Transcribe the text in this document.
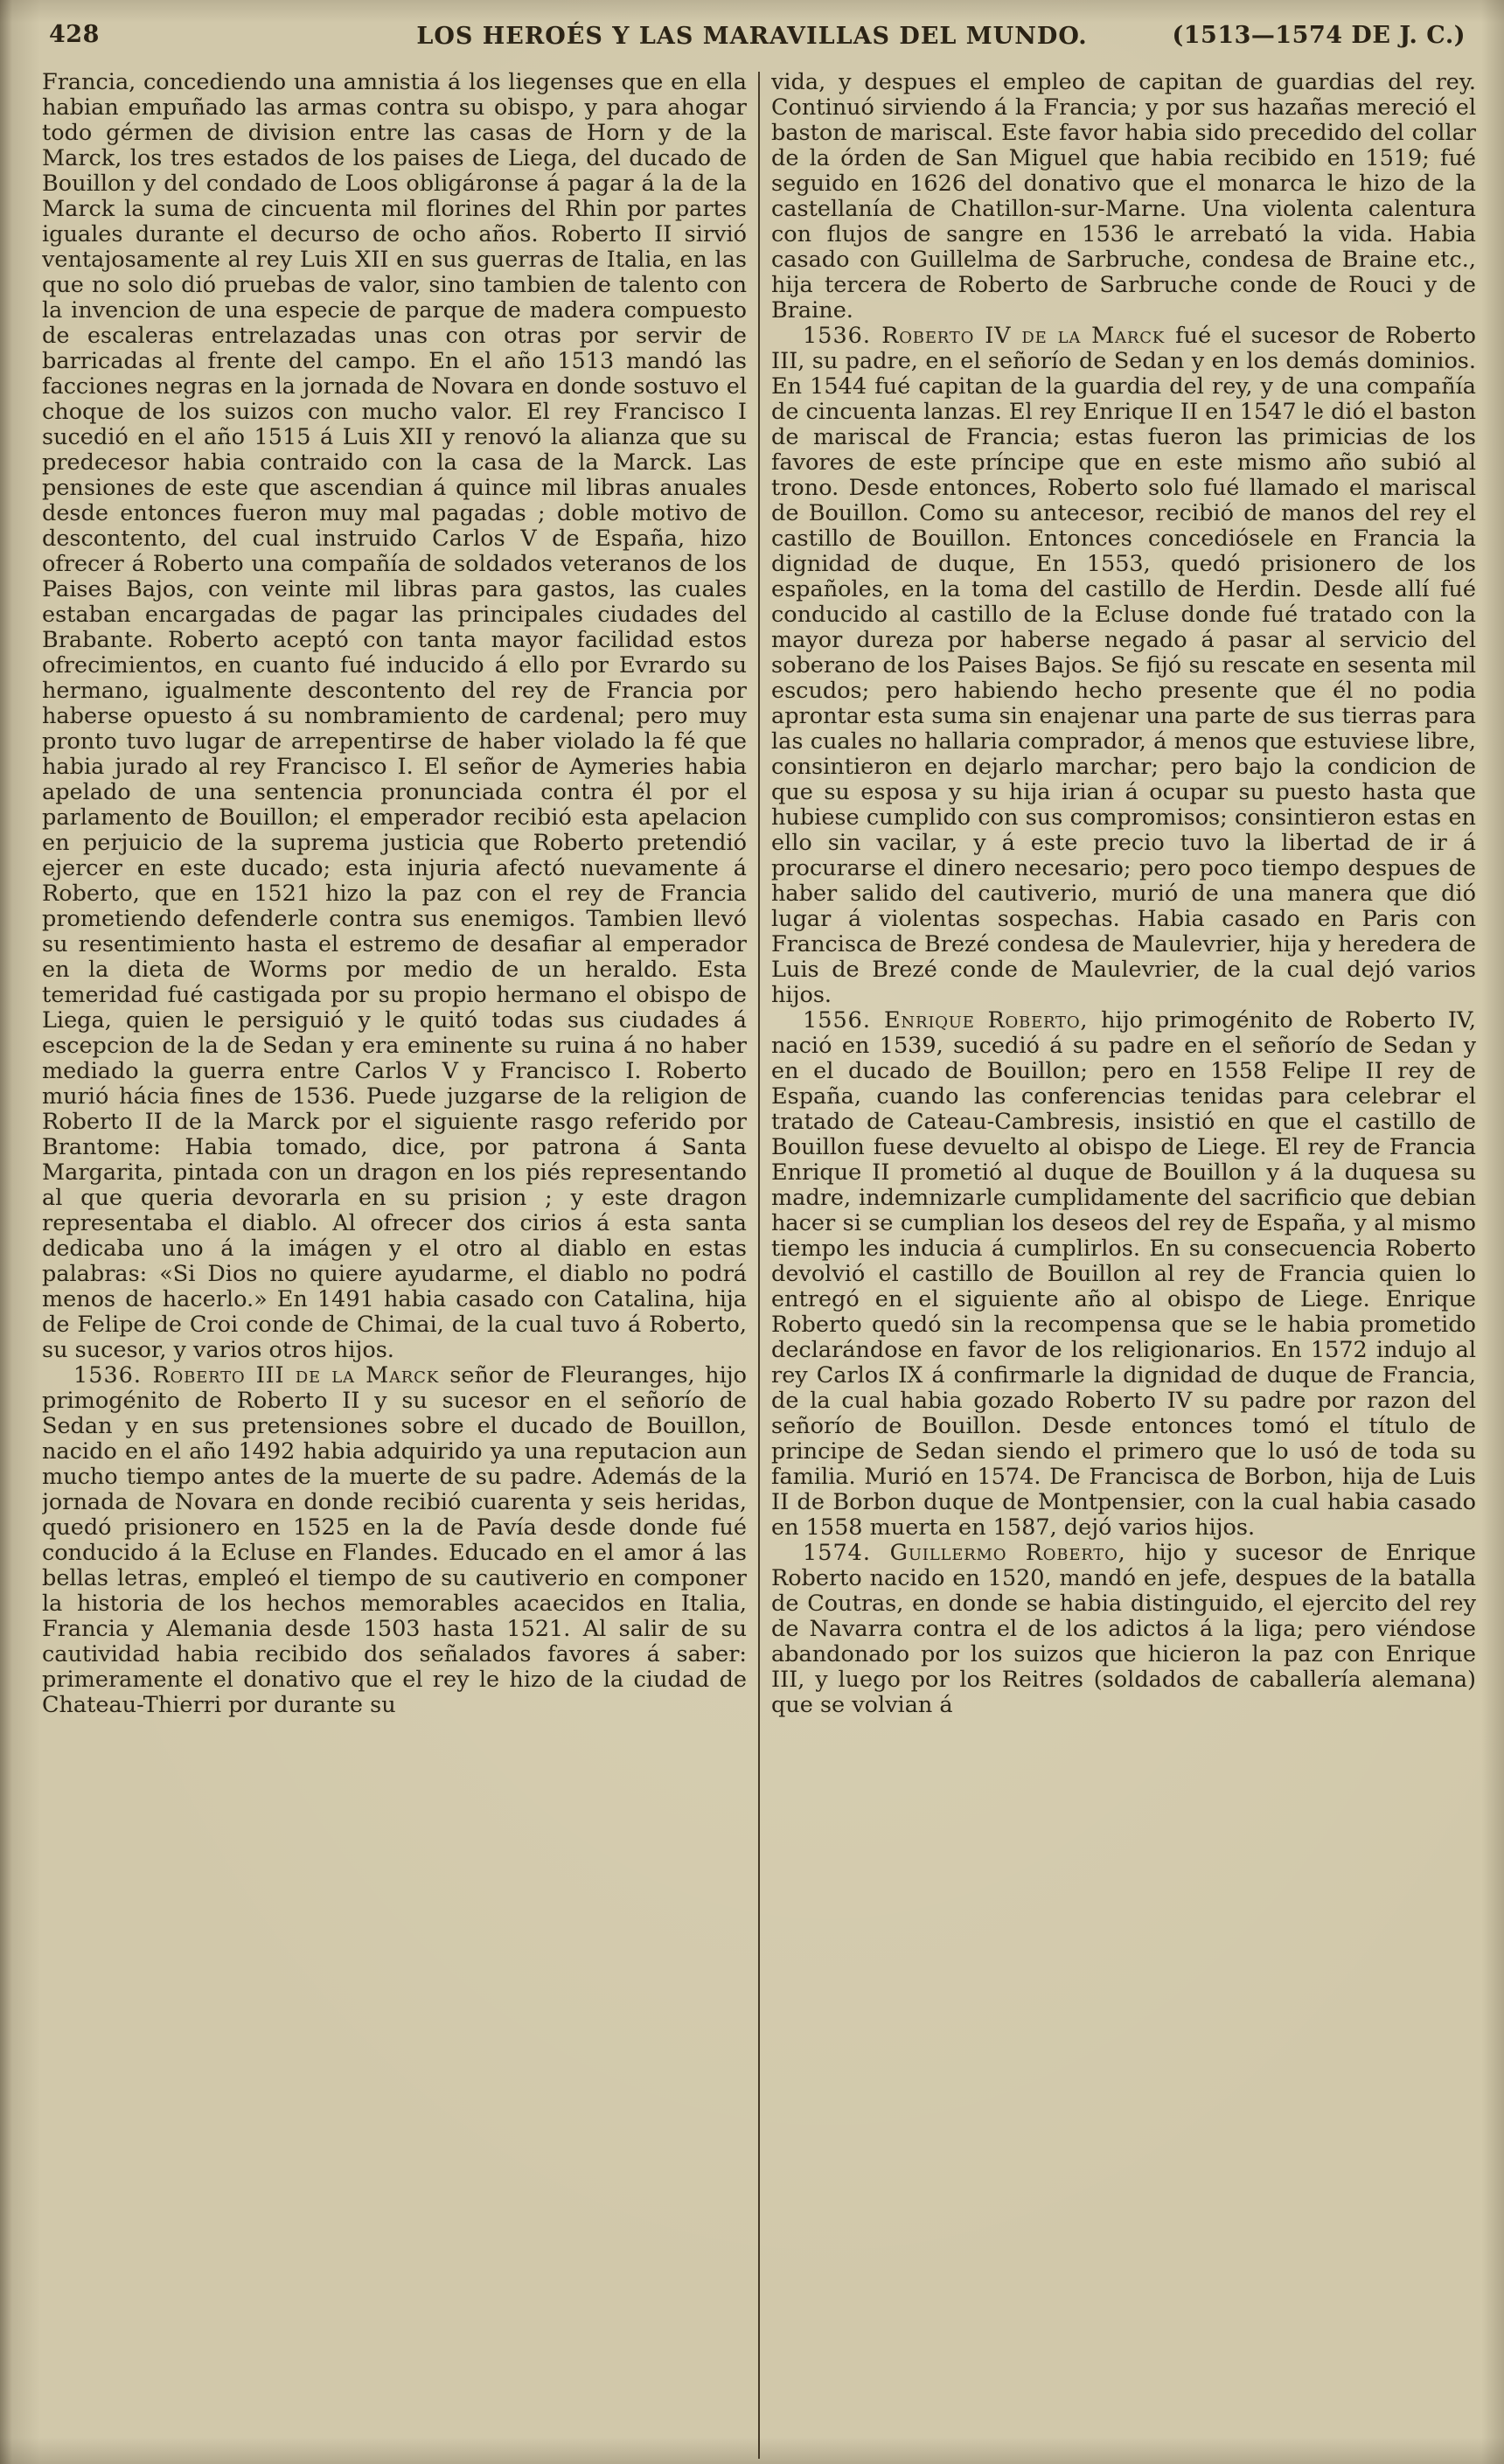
428	LOS HEROÉS Y LAS MARAVILLAS DEL MUNDO.	(1513—1574 DE J. C.)

Francia, concediendo una amnistia á los liegenses que en ella habian empuñado las armas contra su obispo, y para ahogar todo gérmen de division entre las casas de Horn y de la Marck, los tres estados de los paises de Liega, del ducado de Bouillon y del condado de Loos obligáronse á pagar á la de la Marck la suma de cincuenta mil florines del Rhin por partes iguales durante el decurso de ocho años. Roberto II sirvió ventajosamente al rey Luis XII en sus guerras de Italia, en las que no solo dió pruebas de valor, sino tambien de talento con la invencion de una especie de parque de madera compuesto de escaleras entrelazadas unas con otras por servir de barricadas al frente del campo. En el año 1513 mandó las facciones negras en la jornada de Novara en donde sostuvo el choque de los suizos con mucho valor. El rey Francisco I sucedió en el año 1515 á Luis XII y renovó la alianza que su predecesor habia contraido con la casa de la Marck. Las pensiones de este que ascendian á quince mil libras anuales desde entonces fueron muy mal pagadas ; doble motivo de descontento, del cual instruido Carlos V de España, hizo ofrecer á Roberto una compañía de soldados veteranos de los Paises Bajos, con veinte mil libras para gastos, las cuales estaban encargadas de pagar las principales ciudades del Brabante. Roberto aceptó con tanta mayor facilidad estos ofrecimientos, en cuanto fué inducido á ello por Evrardo su hermano, igualmente descontento del rey de Francia por haberse opuesto á su nombramiento de cardenal; pero muy pronto tuvo lugar de arrepentirse de haber violado la fé que habia jurado al rey Francisco I. El señor de Aymeries habia apelado de una sentencia pronunciada contra él por el parlamento de Bouillon; el emperador recibió esta apelacion en perjuicio de la suprema justicia que Roberto pretendió ejercer en este ducado; esta injuria afectó nuevamente á Roberto, que en 1521 hizo la paz con el rey de Francia prometiendo defenderle contra sus enemigos. Tambien llevó su resentimiento hasta el estremo de desafiar al emperador en la dieta de Worms por medio de un heraldo. Esta temeridad fué castigada por su propio hermano el obispo de Liega, quien le persiguió y le quitó todas sus ciudades á escepcion de la de Sedan y era eminente su ruina á no haber mediado la guerra entre Carlos V y Francisco I. Roberto murió hácia fines de 1536. Puede juzgarse de la religion de Roberto II de la Marck por el siguiente rasgo referido por Brantome: Habia tomado, dice, por patrona á Santa Margarita, pintada con un dragon en los piés representando al que queria devorarla en su prision ; y este dragon representaba el diablo. Al ofrecer dos cirios á esta santa dedicaba uno á la imágen y el otro al diablo en estas palabras: «Si Dios no quiere ayudarme, el diablo no podrá menos de hacerlo.» En 1491 habia casado con Catalina, hija de Felipe de Croi conde de Chimai, de la cual tuvo á Roberto, su sucesor, y varios otros hijos.

1536. Roberto III de la Marck señor de Fleuranges, hijo primogénito de Roberto II y su sucesor en el señorío de Sedan y en sus pretensiones sobre el ducado de Bouillon, nacido en el año 1492 habia adquirido ya una reputacion aun mucho tiempo antes de la muerte de su padre. Además de la jornada de Novara en donde recibió cuarenta y seis heridas, quedó prisionero en 1525 en la de Pavía desde donde fué conducido á la Ecluse en Flandes. Educado en el amor á las bellas letras, empleó el tiempo de su cautiverio en componer la historia de los hechos memorables acaecidos en Italia, Francia y Alemania desde 1503 hasta 1521. Al salir de su cautividad habia recibido dos señalados favores á saber: primeramente el donativo que el rey le hizo de la ciudad de Chateau-Thierri por durante su

vida, y despues el empleo de capitan de guardias del rey. Continuó sirviendo á la Francia; y por sus hazañas mereció el baston de mariscal. Este favor habia sido precedido del collar de la órden de San Miguel que habia recibido en 1519; fué seguido en 1626 del donativo que el monarca le hizo de la castellanía de Chatillon-sur-Marne. Una violenta calentura con flujos de sangre en 1536 le arrebató la vida. Habia casado con Guillelma de Sarbruche, condesa de Braine etc., hija tercera de Roberto de Sarbruche conde de Rouci y de Braine.

1536. Roberto IV de la Marck fué el sucesor de Roberto III, su padre, en el señorío de Sedan y en los demás dominios. En 1544 fué capitan de la guardia del rey, y de una compañía de cincuenta lanzas. El rey Enrique II en 1547 le dió el baston de mariscal de Francia; estas fueron las primicias de los favores de este príncipe que en este mismo año subió al trono. Desde entonces, Roberto solo fué llamado el mariscal de Bouillon. Como su antecesor, recibió de manos del rey el castillo de Bouillon. Entonces concediósele en Francia la dignidad de duque, En 1553, quedó prisionero de los españoles, en la toma del castillo de Herdin. Desde allí fué conducido al castillo de la Ecluse donde fué tratado con la mayor dureza por haberse negado á pasar al servicio del soberano de los Paises Bajos. Se fijó su rescate en sesenta mil escudos; pero habiendo hecho presente que él no podia aprontar esta suma sin enajenar una parte de sus tierras para las cuales no hallaria comprador, á menos que estuviese libre, consintieron en dejarlo marchar; pero bajo la condicion de que su esposa y su hija irian á ocupar su puesto hasta que hubiese cumplido con sus compromisos; consintieron estas en ello sin vacilar, y á este precio tuvo la libertad de ir á procurarse el dinero necesario; pero poco tiempo despues de haber salido del cautiverio, murió de una manera que dió lugar á violentas sospechas. Habia casado en Paris con Francisca de Brezé condesa de Maulevrier, hija y heredera de Luis de Brezé conde de Maulevrier, de la cual dejó varios hijos.

1556. Enrique Roberto, hijo primogénito de Roberto IV, nació en 1539, sucedió á su padre en el señorío de Sedan y en el ducado de Bouillon; pero en 1558 Felipe II rey de España, cuando las conferencias tenidas para celebrar el tratado de Cateau-Cambresis, insistió en que el castillo de Bouillon fuese devuelto al obispo de Liege. El rey de Francia Enrique II prometió al duque de Bouillon y á la duquesa su madre, indemnizarle cumplidamente del sacrificio que debian hacer si se cumplian los deseos del rey de España, y al mismo tiempo les inducia á cumplirlos. En su consecuencia Roberto devolvió el castillo de Bouillon al rey de Francia quien lo entregó en el siguiente año al obispo de Liege. Enrique Roberto quedó sin la recompensa que se le habia prometido declarándose en favor de los religionarios. En 1572 indujo al rey Carlos IX á confirmarle la dignidad de duque de Francia, de la cual habia gozado Roberto IV su padre por razon del señorío de Bouillon. Desde entonces tomó el título de principe de Sedan siendo el primero que lo usó de toda su familia. Murió en 1574. De Francisca de Borbon, hija de Luis II de Borbon duque de Montpensier, con la cual habia casado en 1558 muerta en 1587, dejó varios hijos.

1574. Guillermo Roberto, hijo y sucesor de Enrique Roberto nacido en 1520, mandó en jefe, despues de la batalla de Coutras, en donde se habia distinguido, el ejercito del rey de Navarra contra el de los adictos á la liga; pero viéndose abandonado por los suizos que hicieron la paz con Enrique III, y luego por los Reitres (soldados de caballería alemana) que se volvian á
